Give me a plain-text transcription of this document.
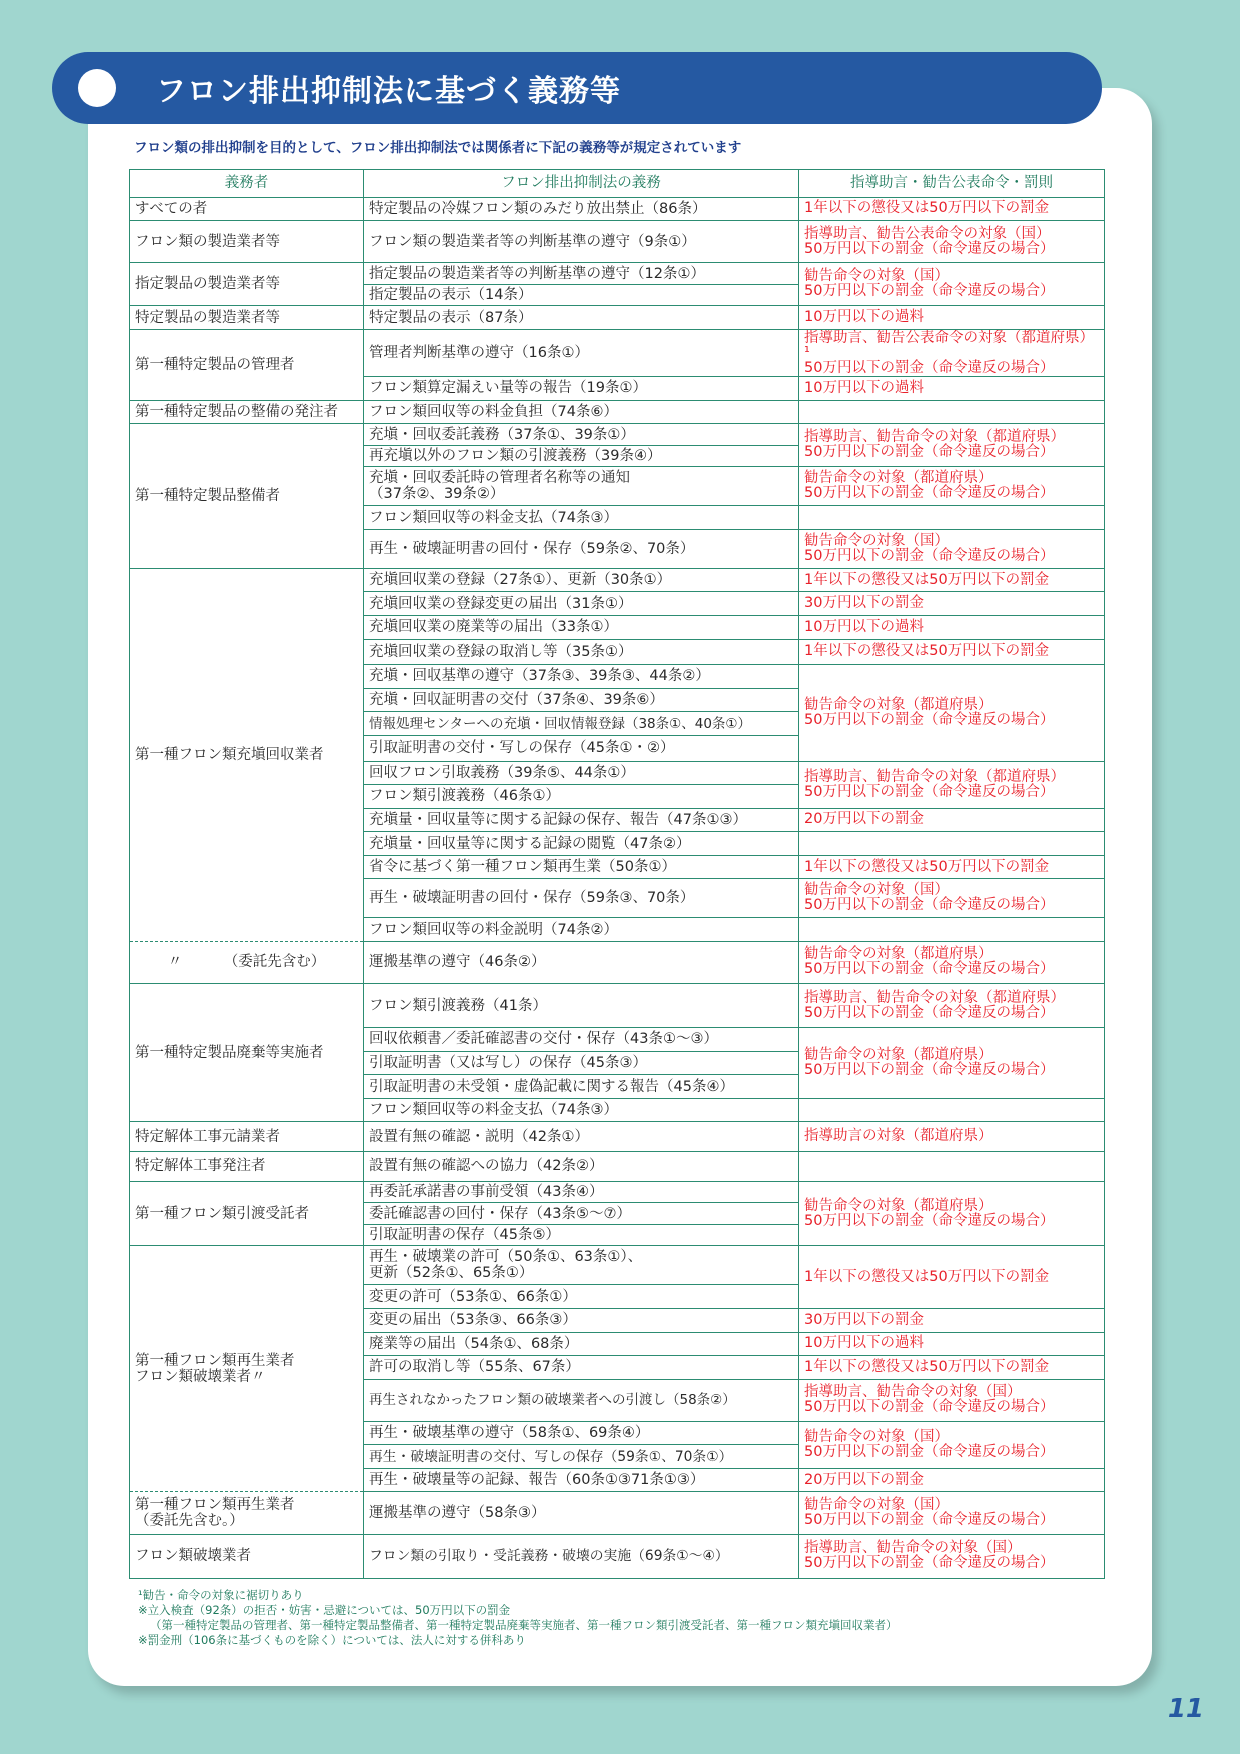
フロン排出抑制法に基づく義務等
フロン類の排出抑制を目的として、フロン排出抑制法では関係者に下記の義務等が規定されています
義務者	フロン排出抑制法の義務	指導助言・勧告公表命令・罰則
すべての者	特定製品の冷媒フロン類のみだり放出禁止（86条）	1年以下の懲役又は50万円以下の罰金
フロン類の製造業者等	フロン類の製造業者等の判断基準の遵守（9条①）	指導助言、勧告公表命令の対象（国）
50万円以下の罰金（命令違反の場合）
指定製品の製造業者等	指定製品の製造業者等の判断基準の遵守（12条①）	勧告命令の対象（国）
50万円以下の罰金（命令違反の場合）
	指定製品の表示（14条）	
特定製品の製造業者等	特定製品の表示（87条）	10万円以下の過料
第一種特定製品の管理者	管理者判断基準の遵守（16条①）	指導助言、勧告公表命令の対象（都道府県）¹
50万円以下の罰金（命令違反の場合）
	フロン類算定漏えい量等の報告（19条①）	10万円以下の過料
第一種特定製品の整備の発注者	フロン類回収等の料金負担（74条⑥）	
第一種特定製品整備者	充塡・回収委託義務（37条①、39条①）	指導助言、勧告命令の対象（都道府県）
50万円以下の罰金（命令違反の場合）
	再充塡以外のフロン類の引渡義務（39条④）	
	充塡・回収委託時の管理者名称等の通知
（37条②、39条②）	勧告命令の対象（都道府県）
50万円以下の罰金（命令違反の場合）
	フロン類回収等の料金支払（74条③）	
	再生・破壊証明書の回付・保存（59条②、70条）	勧告命令の対象（国）
50万円以下の罰金（命令違反の場合）
第一種フロン類充塡回収業者	充塡回収業の登録（27条①）、更新（30条①）	1年以下の懲役又は50万円以下の罰金
	充塡回収業の登録変更の届出（31条①）	30万円以下の罰金
	充塡回収業の廃業等の届出（33条①）	10万円以下の過料
	充塡回収業の登録の取消し等（35条①）	1年以下の懲役又は50万円以下の罰金
	充塡・回収基準の遵守（37条③、39条③、44条②）	勧告命令の対象（都道府県）
50万円以下の罰金（命令違反の場合）
	充塡・回収証明書の交付（37条④、39条⑥）	
	情報処理センターへの充塡・回収情報登録（38条①、40条①）	
	引取証明書の交付・写しの保存（45条①・②）	
	回収フロン引取義務（39条⑤、44条①）	指導助言、勧告命令の対象（都道府県）
50万円以下の罰金（命令違反の場合）
	フロン類引渡義務（46条①）	
	充塡量・回収量等に関する記録の保存、報告（47条①③）	20万円以下の罰金
	充塡量・回収量等に関する記録の閲覧（47条②）	
	省令に基づく第一種フロン類再生業（50条①）	1年以下の懲役又は50万円以下の罰金
	再生・破壊証明書の回付・保存（59条③、70条）	勧告命令の対象（国）
50万円以下の罰金（命令違反の場合）
	フロン類回収等の料金説明（74条②）	
〃 （委託先含む）	運搬基準の遵守（46条②）	勧告命令の対象（都道府県）
50万円以下の罰金（命令違反の場合）
第一種特定製品廃棄等実施者	フロン類引渡義務（41条）	指導助言、勧告命令の対象（都道府県）
50万円以下の罰金（命令違反の場合）
	回収依頼書／委託確認書の交付・保存（43条①～③）	勧告命令の対象（都道府県）
50万円以下の罰金（命令違反の場合）
	引取証明書（又は写し）の保存（45条③）	
	引取証明書の未受領・虚偽記載に関する報告（45条④）	
	フロン類回収等の料金支払（74条③）	
特定解体工事元請業者	設置有無の確認・説明（42条①）	指導助言の対象（都道府県）
特定解体工事発注者	設置有無の確認への協力（42条②）	
第一種フロン類引渡受託者	再委託承諾書の事前受領（43条④）	勧告命令の対象（都道府県）
50万円以下の罰金（命令違反の場合）
	委託確認書の回付・保存（43条⑤～⑦）	
	引取証明書の保存（45条⑤）	
第一種フロン類再生業者
フロン類破壊業者〃	再生・破壊業の許可（50条①、63条①）、
更新（52条①、65条①）	1年以下の懲役又は50万円以下の罰金
	変更の許可（53条①、66条①）	
	変更の届出（53条③、66条③）	30万円以下の罰金
	廃業等の届出（54条①、68条）	10万円以下の過料
	許可の取消し等（55条、67条）	1年以下の懲役又は50万円以下の罰金
	再生されなかったフロン類の破壊業者への引渡し（58条②）	指導助言、勧告命令の対象（国）
50万円以下の罰金（命令違反の場合）
	再生・破壊基準の遵守（58条①、69条④）	勧告命令の対象（国）
50万円以下の罰金（命令違反の場合）
	再生・破壊証明書の交付、写しの保存（59条①、70条①）	
	再生・破壊量等の記録、報告（60条①③71条①③）	20万円以下の罰金
第一種フロン類再生業者
（委託先含む。）	運搬基準の遵守（58条③）	勧告命令の対象（国）
50万円以下の罰金（命令違反の場合）
フロン類破壊業者	フロン類の引取り・受託義務・破壊の実施（69条①～④）	指導助言、勧告命令の対象（国）
50万円以下の罰金（命令違反の場合）
¹勧告・命令の対象に裾切りあり
※立入検査（92条）の拒否・妨害・忌避については、50万円以下の罰金
（第一種特定製品の管理者、第一種特定製品整備者、第一種特定製品廃棄等実施者、第一種フロン類引渡受託者、第一種フロン類充塡回収業者）
※罰金刑（106条に基づくものを除く）については、法人に対する併科あり
11
